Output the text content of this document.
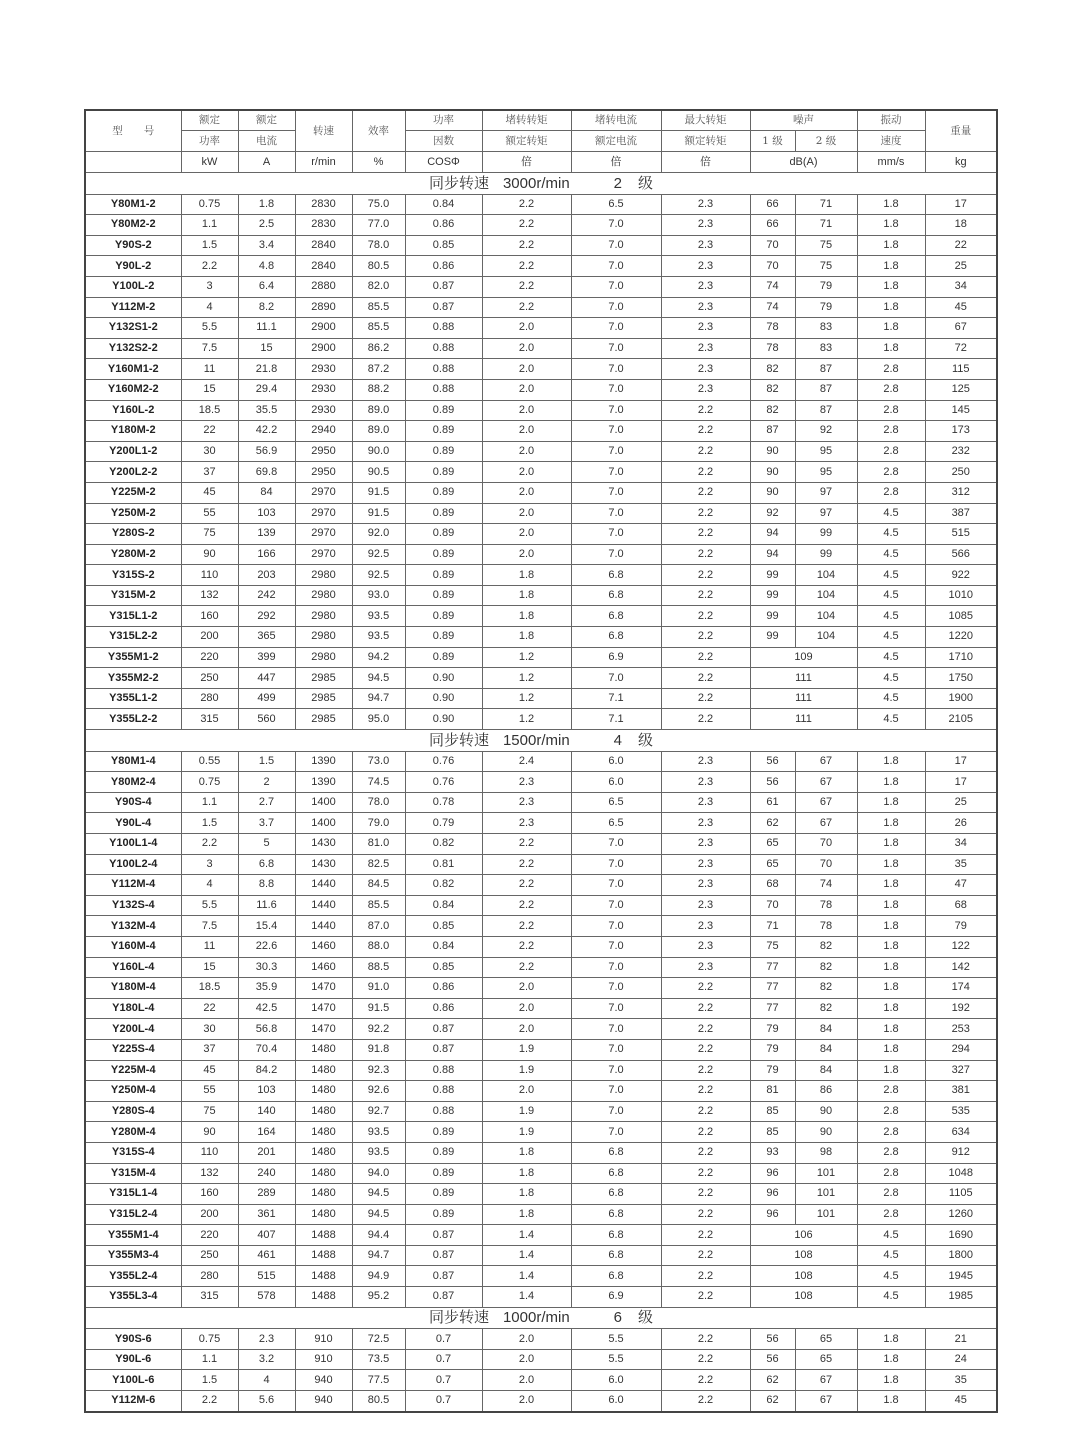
型　　号	额定	额定	转速	效率	功率	堵转转矩	堵转电流	最大转矩	噪声		振动	重量
	功率	电流			因数	额定转矩	额定电流	额定转矩	1 级	2 级	速度	
	kW	A	r/min	%	COSΦ	倍	倍	倍	dB(A)		mm/s	kg
同步转速 3000r/min 2 级												
Y80M1-2	0.75	1.8	2830	75.0	0.84	2.2	6.5	2.3	66	71	1.8	17
Y80M2-2	1.1	2.5	2830	77.0	0.86	2.2	7.0	2.3	66	71	1.8	18
Y90S-2	1.5	3.4	2840	78.0	0.85	2.2	7.0	2.3	70	75	1.8	22
Y90L-2	2.2	4.8	2840	80.5	0.86	2.2	7.0	2.3	70	75	1.8	25
Y100L-2	3	6.4	2880	82.0	0.87	2.2	7.0	2.3	74	79	1.8	34
Y112M-2	4	8.2	2890	85.5	0.87	2.2	7.0	2.3	74	79	1.8	45
Y132S1-2	5.5	11.1	2900	85.5	0.88	2.0	7.0	2.3	78	83	1.8	67
Y132S2-2	7.5	15	2900	86.2	0.88	2.0	7.0	2.3	78	83	1.8	72
Y160M1-2	11	21.8	2930	87.2	0.88	2.0	7.0	2.3	82	87	2.8	115
Y160M2-2	15	29.4	2930	88.2	0.88	2.0	7.0	2.3	82	87	2.8	125
Y160L-2	18.5	35.5	2930	89.0	0.89	2.0	7.0	2.2	82	87	2.8	145
Y180M-2	22	42.2	2940	89.0	0.89	2.0	7.0	2.2	87	92	2.8	173
Y200L1-2	30	56.9	2950	90.0	0.89	2.0	7.0	2.2	90	95	2.8	232
Y200L2-2	37	69.8	2950	90.5	0.89	2.0	7.0	2.2	90	95	2.8	250
Y225M-2	45	84	2970	91.5	0.89	2.0	7.0	2.2	90	97	2.8	312
Y250M-2	55	103	2970	91.5	0.89	2.0	7.0	2.2	92	97	4.5	387
Y280S-2	75	139	2970	92.0	0.89	2.0	7.0	2.2	94	99	4.5	515
Y280M-2	90	166	2970	92.5	0.89	2.0	7.0	2.2	94	99	4.5	566
Y315S-2	110	203	2980	92.5	0.89	1.8	6.8	2.2	99	104	4.5	922
Y315M-2	132	242	2980	93.0	0.89	1.8	6.8	2.2	99	104	4.5	1010
Y315L1-2	160	292	2980	93.5	0.89	1.8	6.8	2.2	99	104	4.5	1085
Y315L2-2	200	365	2980	93.5	0.89	1.8	6.8	2.2	99	104	4.5	1220
Y355M1-2	220	399	2980	94.2	0.89	1.2	6.9	2.2	109		4.5	1710
Y355M2-2	250	447	2985	94.5	0.90	1.2	7.0	2.2	111		4.5	1750
Y355L1-2	280	499	2985	94.7	0.90	1.2	7.1	2.2	111		4.5	1900
Y355L2-2	315	560	2985	95.0	0.90	1.2	7.1	2.2	111		4.5	2105
同步转速 1500r/min 4 级												
Y80M1-4	0.55	1.5	1390	73.0	0.76	2.4	6.0	2.3	56	67	1.8	17
Y80M2-4	0.75	2	1390	74.5	0.76	2.3	6.0	2.3	56	67	1.8	17
Y90S-4	1.1	2.7	1400	78.0	0.78	2.3	6.5	2.3	61	67	1.8	25
Y90L-4	1.5	3.7	1400	79.0	0.79	2.3	6.5	2.3	62	67	1.8	26
Y100L1-4	2.2	5	1430	81.0	0.82	2.2	7.0	2.3	65	70	1.8	34
Y100L2-4	3	6.8	1430	82.5	0.81	2.2	7.0	2.3	65	70	1.8	35
Y112M-4	4	8.8	1440	84.5	0.82	2.2	7.0	2.3	68	74	1.8	47
Y132S-4	5.5	11.6	1440	85.5	0.84	2.2	7.0	2.3	70	78	1.8	68
Y132M-4	7.5	15.4	1440	87.0	0.85	2.2	7.0	2.3	71	78	1.8	79
Y160M-4	11	22.6	1460	88.0	0.84	2.2	7.0	2.3	75	82	1.8	122
Y160L-4	15	30.3	1460	88.5	0.85	2.2	7.0	2.3	77	82	1.8	142
Y180M-4	18.5	35.9	1470	91.0	0.86	2.0	7.0	2.2	77	82	1.8	174
Y180L-4	22	42.5	1470	91.5	0.86	2.0	7.0	2.2	77	82	1.8	192
Y200L-4	30	56.8	1470	92.2	0.87	2.0	7.0	2.2	79	84	1.8	253
Y225S-4	37	70.4	1480	91.8	0.87	1.9	7.0	2.2	79	84	1.8	294
Y225M-4	45	84.2	1480	92.3	0.88	1.9	7.0	2.2	79	84	1.8	327
Y250M-4	55	103	1480	92.6	0.88	2.0	7.0	2.2	81	86	2.8	381
Y280S-4	75	140	1480	92.7	0.88	1.9	7.0	2.2	85	90	2.8	535
Y280M-4	90	164	1480	93.5	0.89	1.9	7.0	2.2	85	90	2.8	634
Y315S-4	110	201	1480	93.5	0.89	1.8	6.8	2.2	93	98	2.8	912
Y315M-4	132	240	1480	94.0	0.89	1.8	6.8	2.2	96	101	2.8	1048
Y315L1-4	160	289	1480	94.5	0.89	1.8	6.8	2.2	96	101	2.8	1105
Y315L2-4	200	361	1480	94.5	0.89	1.8	6.8	2.2	96	101	2.8	1260
Y355M1-4	220	407	1488	94.4	0.87	1.4	6.8	2.2	106		4.5	1690
Y355M3-4	250	461	1488	94.7	0.87	1.4	6.8	2.2	108		4.5	1800
Y355L2-4	280	515	1488	94.9	0.87	1.4	6.8	2.2	108		4.5	1945
Y355L3-4	315	578	1488	95.2	0.87	1.4	6.9	2.2	108		4.5	1985
同步转速 1000r/min 6 级												
Y90S-6	0.75	2.3	910	72.5	0.7	2.0	5.5	2.2	56	65	1.8	21
Y90L-6	1.1	3.2	910	73.5	0.7	2.0	5.5	2.2	56	65	1.8	24
Y100L-6	1.5	4	940	77.5	0.7	2.0	6.0	2.2	62	67	1.8	35
Y112M-6	2.2	5.6	940	80.5	0.7	2.0	6.0	2.2	62	67	1.8	45
